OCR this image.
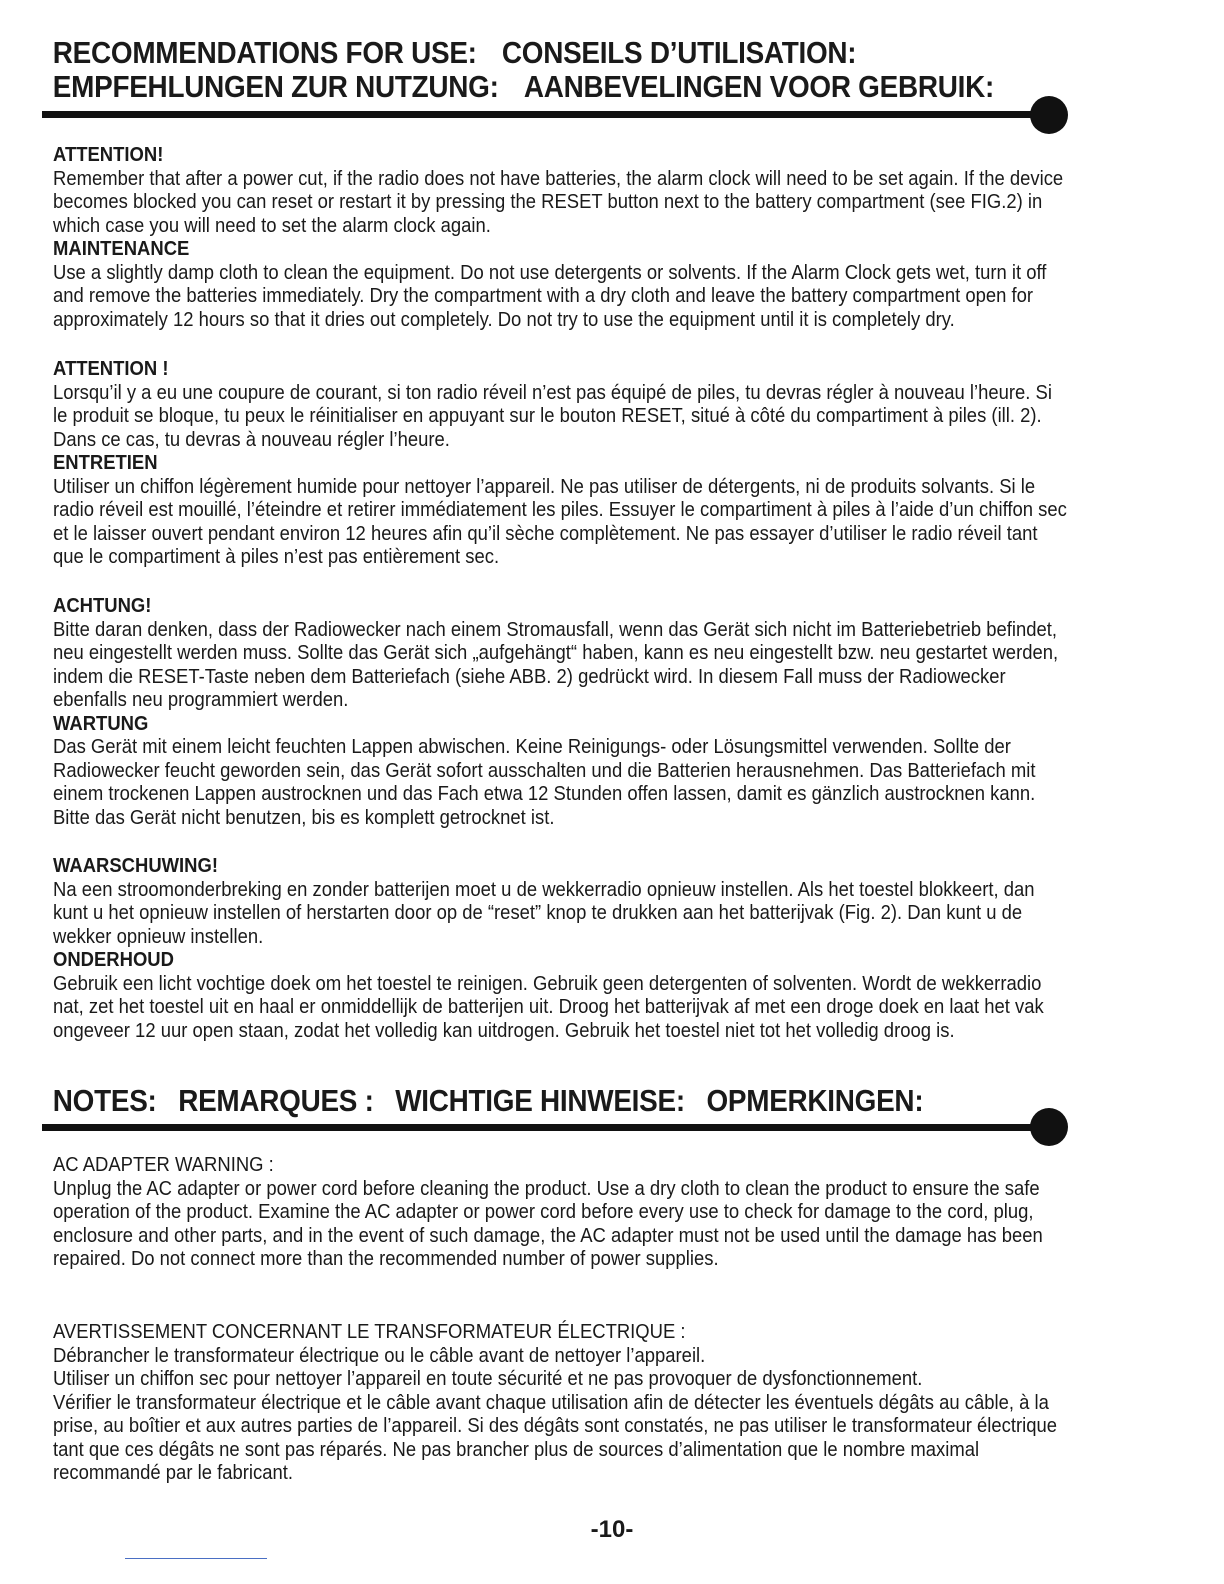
RECOMMENDATIONS FOR USE: CONSEILS D’UTILISATION:
EMPFEHLUNGEN ZUR NUTZUNG: AANBEVELINGEN VOOR GEBRUIK:

ATTENTION!

Remember that after a power cut, if the radio does not have batteries, the alarm clock will need to be set again. If the device becomes blocked you can reset or restart it by pressing the RESET button next to the battery compartment (see FIG.2) in which case you will need to set the alarm clock again.

MAINTENANCE

Use a slightly damp cloth to clean the equipment. Do not use detergents or solvents. If the Alarm Clock gets wet, turn it off and remove the batteries immediately. Dry the compartment with a dry cloth and leave the battery compartment open for approximately 12 hours so that it dries out completely. Do not try to use the equipment until it is completely dry.

ATTENTION !

Lorsqu’il y a eu une coupure de courant, si ton radio réveil n’est pas équipé de piles, tu devras régler à nouveau l’heure. Si le produit se bloque, tu peux le réinitialiser en appuyant sur le bouton RESET, situé à côté du compartiment à piles (ill. 2). Dans ce cas, tu devras à nouveau régler l’heure.

ENTRETIEN

Utiliser un chiffon légèrement humide pour nettoyer l’appareil. Ne pas utiliser de détergents, ni de produits solvants. Si le radio réveil est mouillé, l’éteindre et retirer immédiatement les piles. Essuyer le compartiment à piles à l’aide d’un chiffon sec et le laisser ouvert pendant environ 12 heures afin qu’il sèche complètement. Ne pas essayer d’utiliser le radio réveil tant que le compartiment à piles n’est pas entièrement sec.

ACHTUNG!

Bitte daran denken, dass der Radiowecker nach einem Stromausfall, wenn das Gerät sich nicht im Batteriebetrieb befindet, neu eingestellt werden muss. Sollte das Gerät sich „aufgehängt“ haben, kann es neu eingestellt bzw. neu gestartet werden, indem die RESET-Taste neben dem Batteriefach (siehe ABB. 2) gedrückt wird. In diesem Fall muss der Radiowecker ebenfalls neu programmiert werden.

WARTUNG

Das Gerät mit einem leicht feuchten Lappen abwischen. Keine Reinigungs- oder Lösungsmittel verwenden. Sollte der Radiowecker feucht geworden sein, das Gerät sofort ausschalten und die Batterien herausnehmen. Das Batteriefach mit einem trockenen Lappen austrocknen und das Fach etwa 12 Stunden offen lassen, damit es gänzlich austrocknen kann. Bitte das Gerät nicht benutzen, bis es komplett getrocknet ist.

WAARSCHUWING!

Na een stroomonderbreking en zonder batterijen moet u de wekkerradio opnieuw instellen. Als het toestel blokkeert, dan kunt u het opnieuw instellen of herstarten door op de “reset” knop te drukken aan het batterijvak (Fig. 2). Dan kunt u de wekker opnieuw instellen.

ONDERHOUD

Gebruik een licht vochtige doek om het toestel te reinigen. Gebruik geen detergenten of solventen. Wordt de wekkerradio nat, zet het toestel uit en haal er onmiddellijk de batterijen uit. Droog het batterijvak af met een droge doek en laat het vak ongeveer 12 uur open staan, zodat het volledig kan uitdrogen. Gebruik het toestel niet tot het volledig droog is.

NOTES: REMARQUES : WICHTIGE HINWEISE: OPMERKINGEN:

AC ADAPTER WARNING :

Unplug the AC adapter or power cord before cleaning the product. Use a dry cloth to clean the product to ensure the safe operation of the product. Examine the AC adapter or power cord before every use to check for damage to the cord, plug, enclosure and other parts, and in the event of such damage, the AC adapter must not be used until the damage has been repaired. Do not connect more than the recommended number of power supplies.

AVERTISSEMENT CONCERNANT LE TRANSFORMATEUR ÉLECTRIQUE :

Débrancher le transformateur électrique ou le câble avant de nettoyer l’appareil.

Utiliser un chiffon sec pour nettoyer l’appareil en toute sécurité et ne pas provoquer de dysfonctionnement.

Vérifier le transformateur électrique et le câble avant chaque utilisation afin de détecter les éventuels dégâts au câble, à la prise, au boîtier et aux autres parties de l’appareil. Si des dégâts sont constatés, ne pas utiliser le transformateur électrique tant que ces dégâts ne sont pas réparés. Ne pas brancher plus de sources d’alimentation que le nombre maximal recommandé par le fabricant.

-10-
